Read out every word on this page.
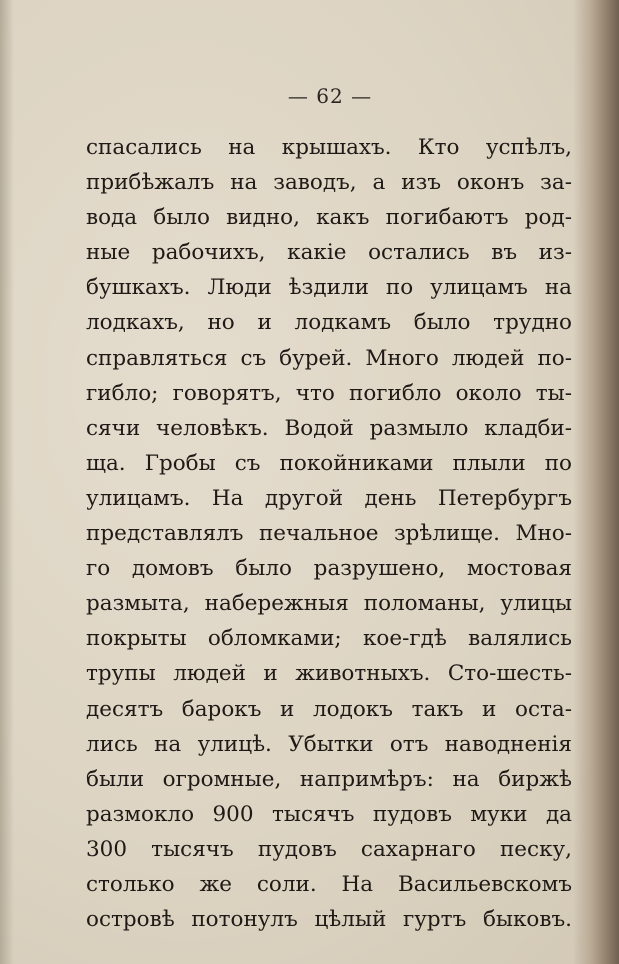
— 62 —
спасались на крышахъ. Кто успѣлъ,
прибѣжалъ на заводъ, а изъ оконъ за-
вода было видно, какъ погибаютъ род-
ные рабочихъ, какіе остались въ из-
бушкахъ. Люди ѣздили по улицамъ на
лодкахъ, но и лодкамъ было трудно
справляться съ бурей. Много людей по-
гибло; говорятъ, что погибло около ты-
сячи человѣкъ. Водой размыло кладби-
ща. Гробы съ покойниками плыли по
улицамъ. На другой день Петербургъ
представлялъ печальное зрѣлище. Мно-
го домовъ было разрушено, мостовая
размыта, набережныя поломаны, улицы
покрыты обломками; кое-гдѣ валялись
трупы людей и животныхъ. Сто-шесть-
десятъ барокъ и лодокъ такъ и оста-
лись на улицѣ. Убытки отъ наводненія
были огромные, напримѣръ: на биржѣ
размокло 900 тысячъ пудовъ муки да
300 тысячъ пудовъ сахарнаго песку,
столько же соли. На Васильевскомъ
островѣ потонулъ цѣлый гуртъ быковъ.
